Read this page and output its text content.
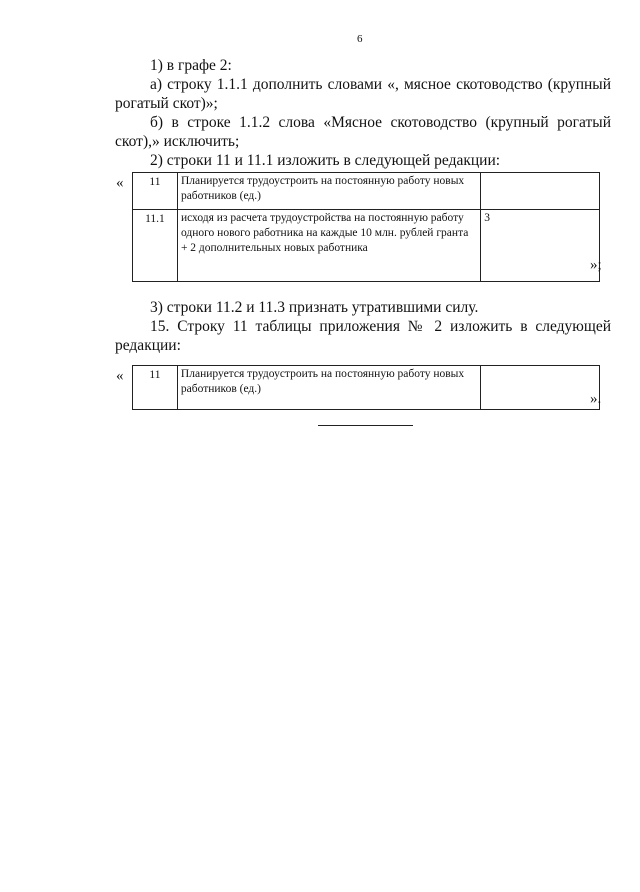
6

1) в графе 2:

а) строку 1.1.1 дополнить словами «, мясное скотоводство (крупный рогатый скот)»;

б) в строке 1.1.2 слова «Мясное скотоводство (крупный рогатый скот),» исключить;

2) строки 11 и 11.1 изложить в следующей редакции:

« 11	Планируется трудоустроить на постоянную работу новых работников (ед.)	
11.1	исходя из расчета трудоустройства на постоянную работу одного нового работника на каждые 10 млн. рублей гранта + 2 дополнительных новых работника	3
»;

3) строки 11.2 и 11.3 признать утратившими силу.

15. Строку 11 таблицы приложения № 2 изложить в следующей редакции:

« 11	Планируется трудоустроить на постоянную работу новых работников (ед.)	
».
